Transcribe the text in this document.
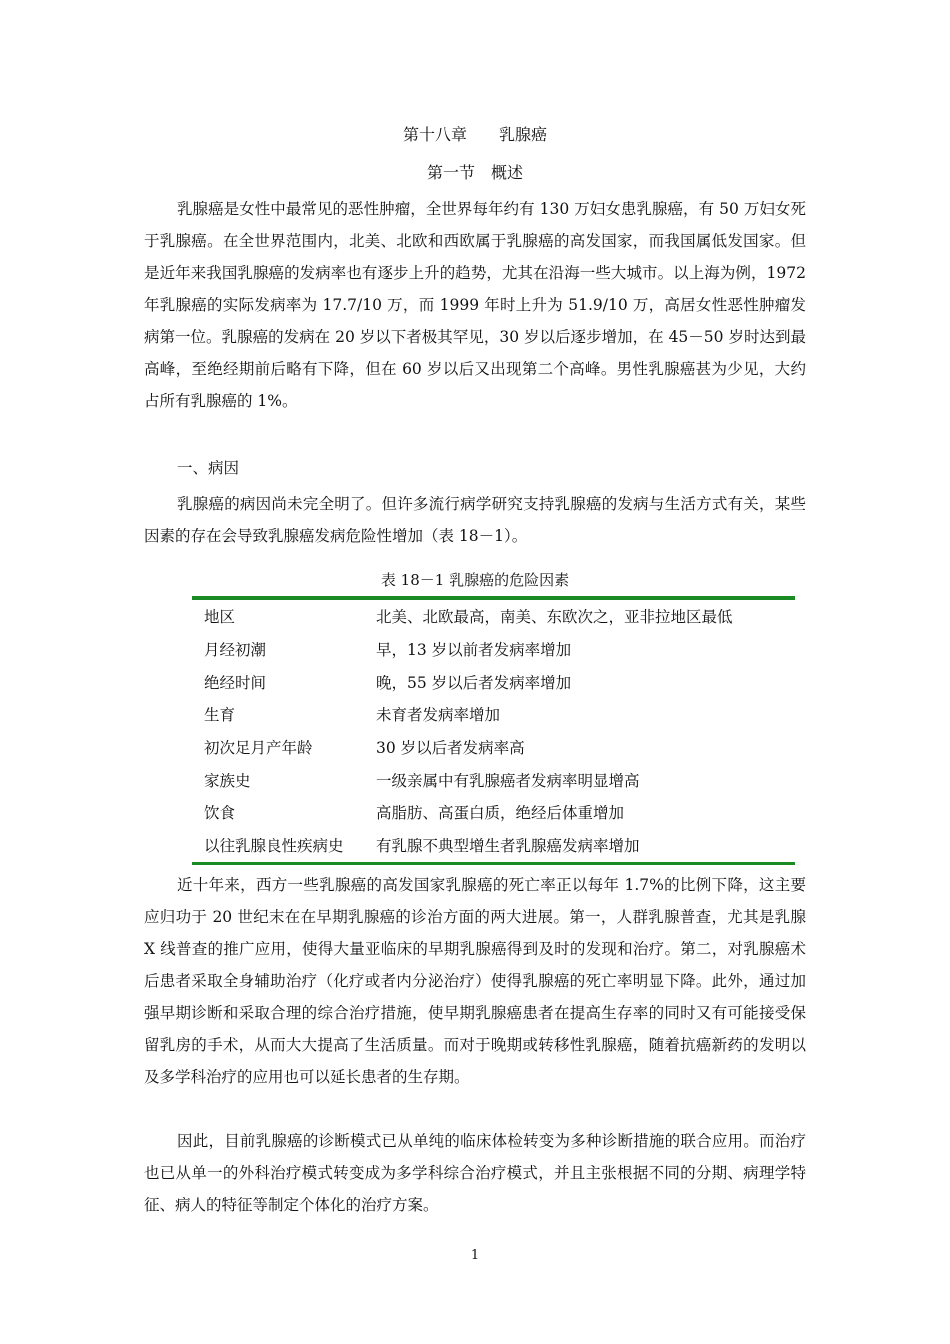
第十八章　　乳腺癌
第一节　概述

乳腺癌是女性中最常见的恶性肿瘤，全世界每年约有 130 万妇女患乳腺癌，有 50 万妇女死于乳腺癌。在全世界范围内，北美、北欧和西欧属于乳腺癌的高发国家，而我国属低发国家。但是近年来我国乳腺癌的发病率也有逐步上升的趋势，尤其在沿海一些大城市。以上海为例，1972 年乳腺癌的实际发病率为 17.7/10 万，而 1999 年时上升为 51.9/10 万，高居女性恶性肿瘤发病第一位。乳腺癌的发病在 20 岁以下者极其罕见，30 岁以后逐步增加，在 45－50 岁时达到最高峰，至绝经期前后略有下降，但在 60 岁以后又出现第二个高峰。男性乳腺癌甚为少见，大约占所有乳腺癌的 1%。

一、病因

乳腺癌的病因尚未完全明了。但许多流行病学研究支持乳腺癌的发病与生活方式有关，某些因素的存在会导致乳腺癌发病危险性增加（表 18－1）。

表 18－1 乳腺癌的危险因素
地区	北美、北欧最高，南美、东欧次之，亚非拉地区最低
月经初潮	早，13 岁以前者发病率增加
绝经时间	晚，55 岁以后者发病率增加
生育	未育者发病率增加
初次足月产年龄	30 岁以后者发病率高
家族史	一级亲属中有乳腺癌者发病率明显增高
饮食	高脂肪、高蛋白质，绝经后体重增加
以往乳腺良性疾病史	有乳腺不典型增生者乳腺癌发病率增加

近十年来，西方一些乳腺癌的高发国家乳腺癌的死亡率正以每年 1.7%的比例下降，这主要应归功于 20 世纪末在在早期乳腺癌的诊治方面的两大进展。第一，人群乳腺普查，尤其是乳腺 X 线普查的推广应用，使得大量亚临床的早期乳腺癌得到及时的发现和治疗。第二，对乳腺癌术后患者采取全身辅助治疗（化疗或者内分泌治疗）使得乳腺癌的死亡率明显下降。此外，通过加强早期诊断和采取合理的综合治疗措施，使早期乳腺癌患者在提高生存率的同时又有可能接受保留乳房的手术，从而大大提高了生活质量。而对于晚期或转移性乳腺癌，随着抗癌新药的发明以及多学科治疗的应用也可以延长患者的生存期。

因此，目前乳腺癌的诊断模式已从单纯的临床体检转变为多种诊断措施的联合应用。而治疗也已从单一的外科治疗模式转变成为多学科综合治疗模式，并且主张根据不同的分期、病理学特征、病人的特征等制定个体化的治疗方案。

1
